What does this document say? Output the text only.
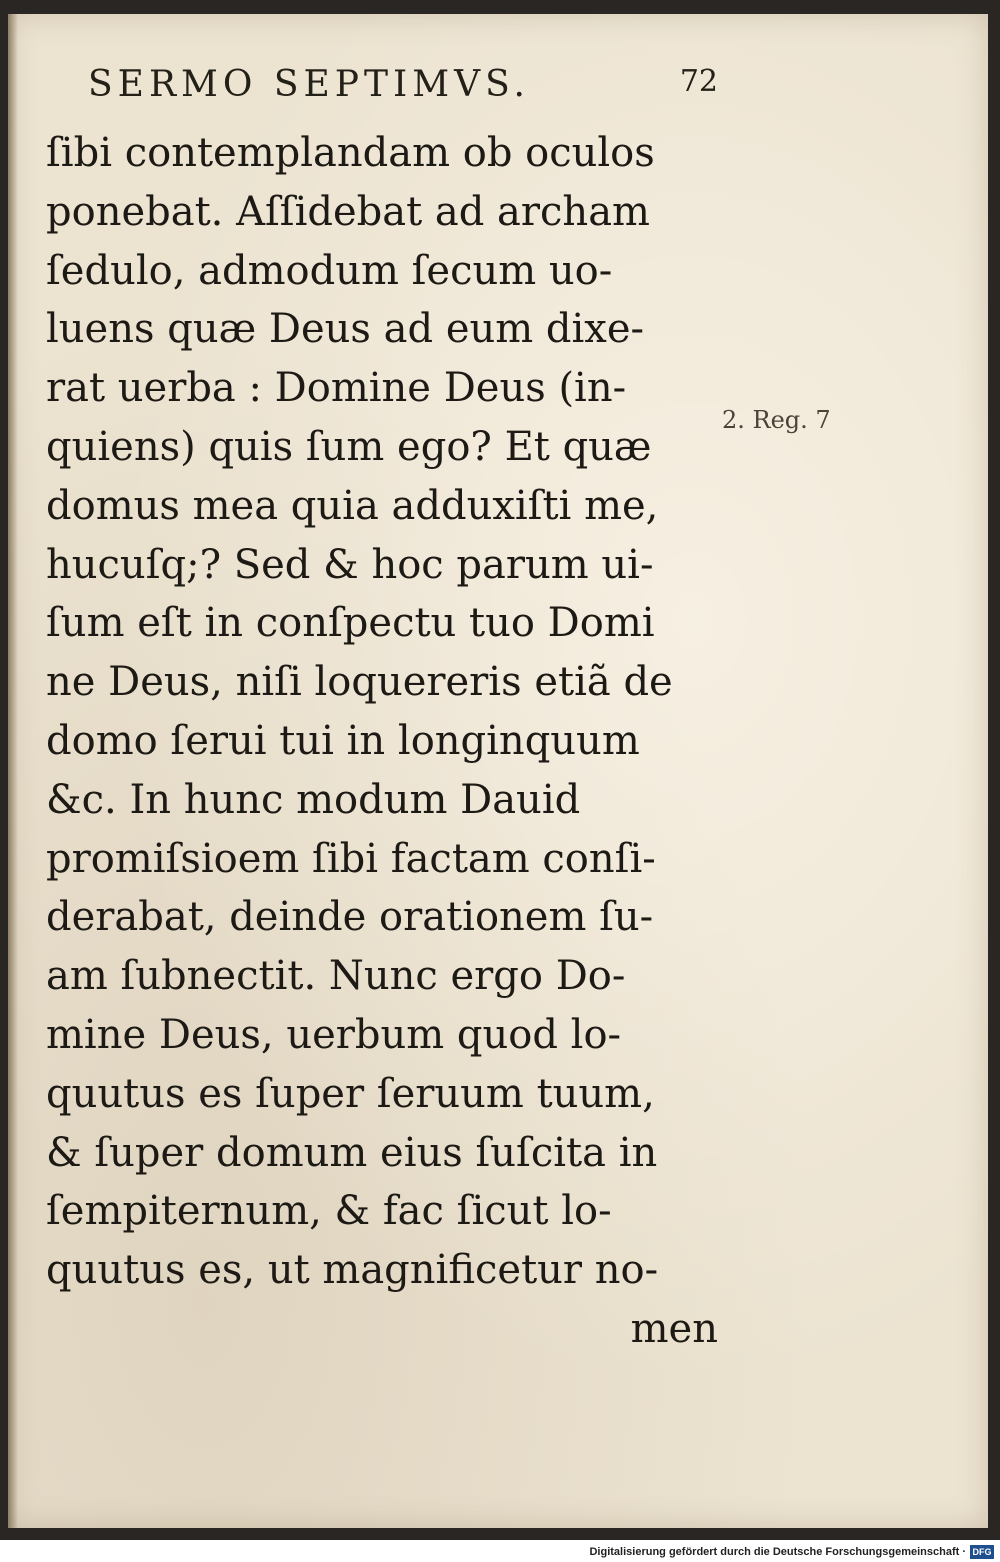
SERMO SEPTIMVS.	72
ſibi contemplandam ob oculos
ponebat. Aſſidebat ad archam
ſedulo, admodum ſecum uo-
luens quæ Deus ad eum dixe-
rat uerba : Domine Deus (in-
quiens) quis ſum ego? Et quæ
domus mea quia adduxiſti me,
hucuſq;? Sed & hoc parum ui-
ſum eſt in conſpectu tuo Domi
ne Deus, niſi loquereris etiã de
domo ſerui tui in longinquum
&c. In hunc modum Dauid
promiſsioem ſibi factam conſi-
derabat, deinde orationem ſu-
am ſubnectit. Nunc ergo Do-
mine Deus, uerbum quod lo-
quutus es ſuper ſeruum tuum,
& ſuper domum eius ſuſcita in
ſempiternum, & fac ſicut lo-
quutus es, ut magnificetur no-
men
2. Reg. 7
Digitalisierung gefördert durch die Deutsche Forschungsgemeinschaft · DFG
